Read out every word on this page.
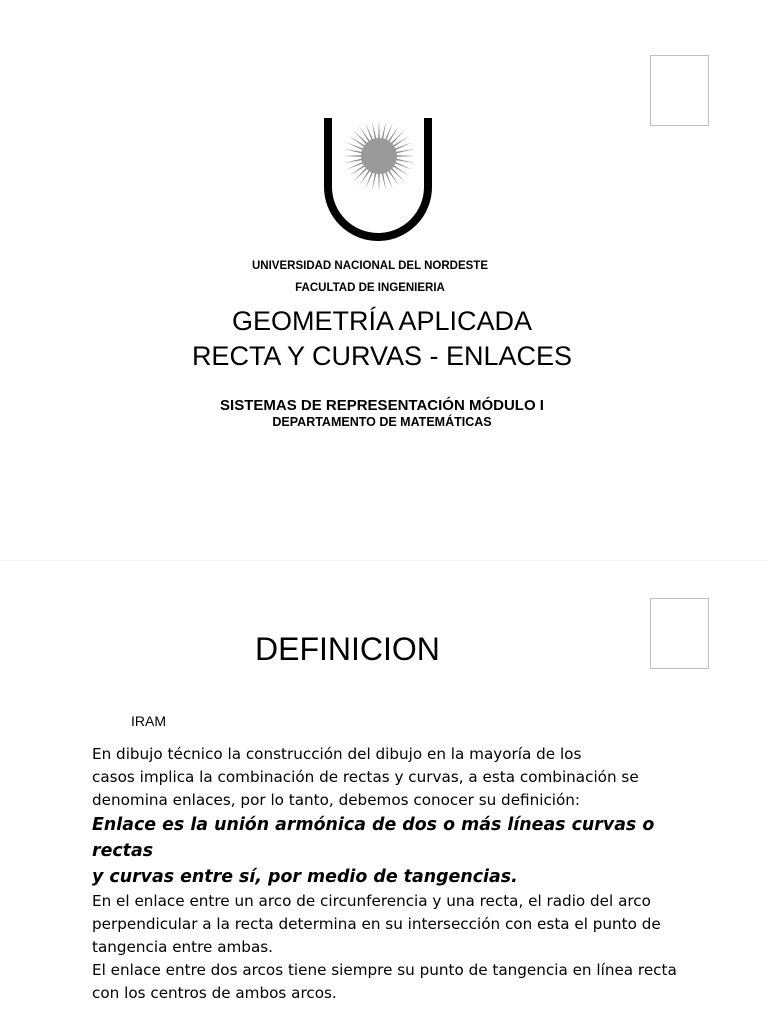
UNIVERSIDAD NACIONAL DEL NORDESTE
FACULTAD DE INGENIERIA
GEOMETRÍA APLICADA
RECTA Y CURVAS - ENLACES
SISTEMAS DE REPRESENTACIÓN MÓDULO I
DEPARTAMENTO DE MATEMÁTICAS
DEFINICION
IRAM

En dibujo técnico la construcción del dibujo en la mayoría de los

casos implica la combinación de rectas y curvas, a esta combinación se

denomina enlaces, por lo tanto, debemos conocer su definición:

Enlace es la unión armónica de dos o más líneas curvas o rectas

y curvas entre sí, por medio de tangencias.

En el enlace entre un arco de circunferencia y una recta, el radio del arco

perpendicular a la recta determina en su intersección con esta el punto de

tangencia entre ambas.

El enlace entre dos arcos tiene siempre su punto de tangencia en línea recta

con los centros de ambos arcos.
